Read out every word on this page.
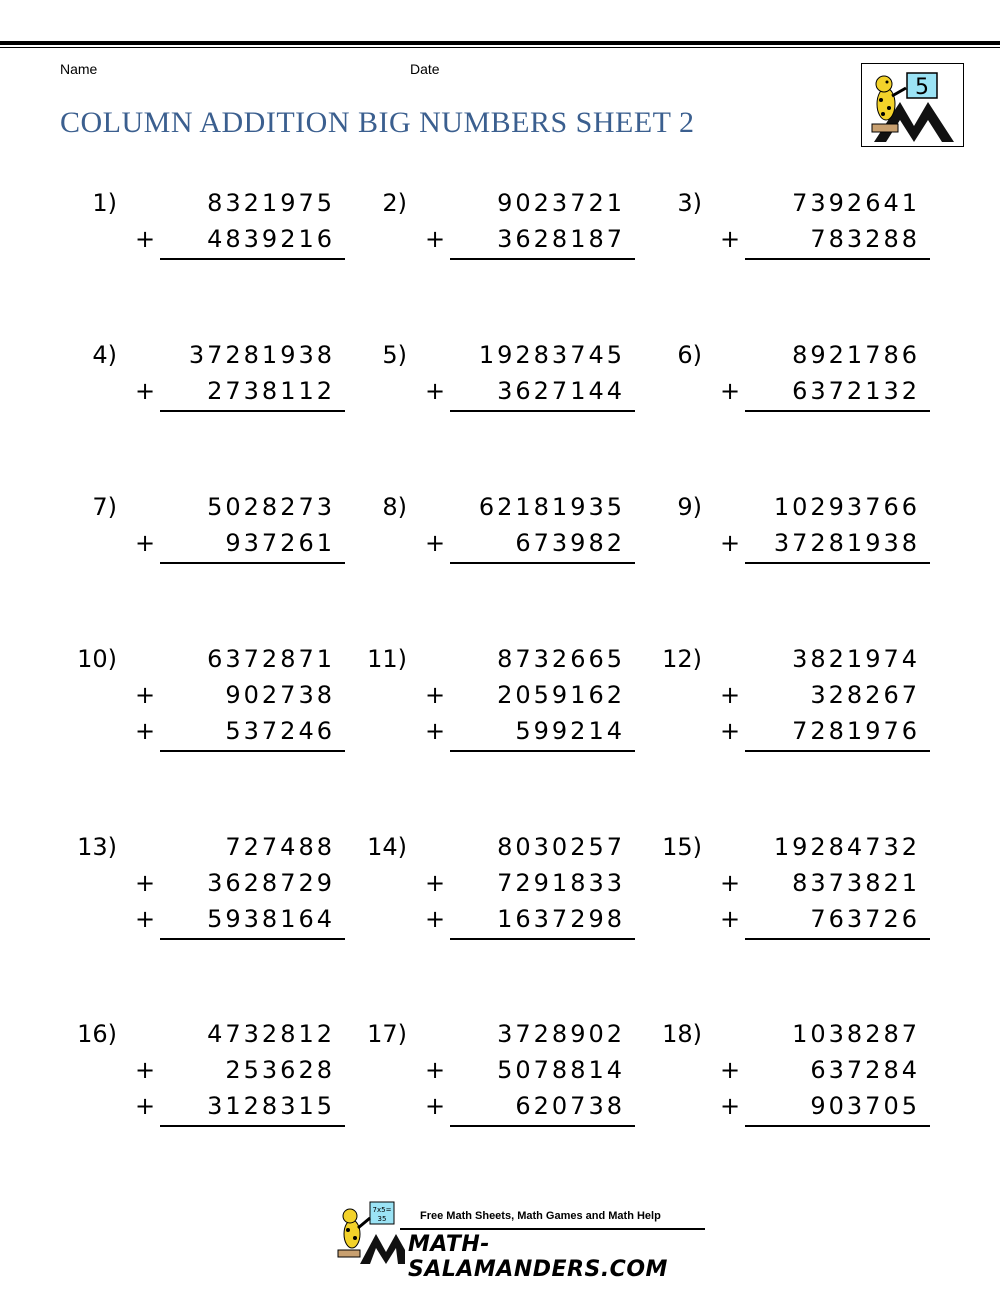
Name	Date
COLUMN ADDITION BIG NUMBERS SHEET 2
5
1)	8321975
+ 4839216
2)	9023721
+ 3628187
3)	7392641
+	783288
4)	37281938
+ 2738112
5)	19283745
+ 3627144
6)	8921786
+ 6372132
7)	5028273
+	937261
8)	62181935
+	673982
9)	10293766
+ 37281938
10)	6372871
+	902738
+	537246
11)	8732665
+ 2059162
+	599214
12)	3821974
+	328267
+ 7281976
13)	727488
+ 3628729
+ 5938164
14)	8030257
+ 7291833
+ 1637298
15)	19284732
+ 8373821
+	763726
16)	4732812
+	253628
+ 3128315
17)	3728902
+ 5078814
+	620738
18)	1038287
+	637284
+	903705
7x5=
35	Free Math Sheets, Math Games and Math Help
MATH-SALAMANDERS.COM
